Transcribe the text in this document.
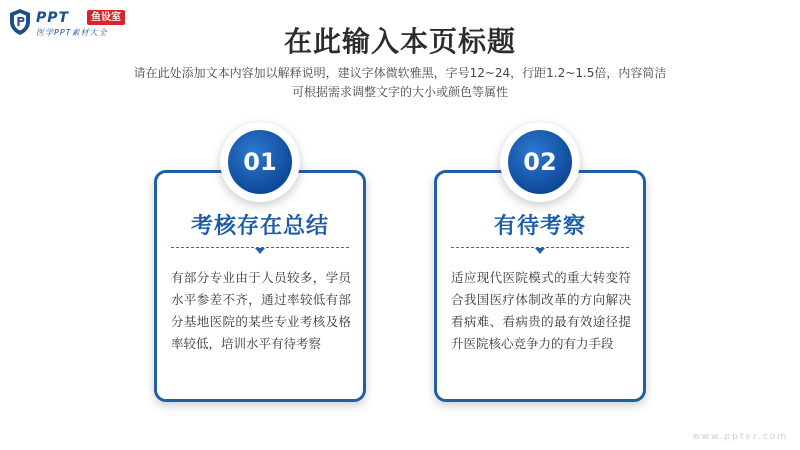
PPT	鱼设室
医学PPT素材大全	在此输入本页标题
请在此处添加文本内容加以解释说明，建议字体微软雅黑，字号12~24，行距1.2~1.5倍，内容简洁
可根据需求调整文字的大小或颜色等属性
考核存在总结
有部分专业由于人员较多，学员水平参差不齐，通过率较低有部分基地医院的某些专业考核及格率较低，培训水平有待考察
01
有待考察
适应现代医院模式的重大转变符合我国医疗体制改革的方向解决看病难、看病贵的最有效途径提升医院核心竞争力的有力手段
02
www.ppter.com
